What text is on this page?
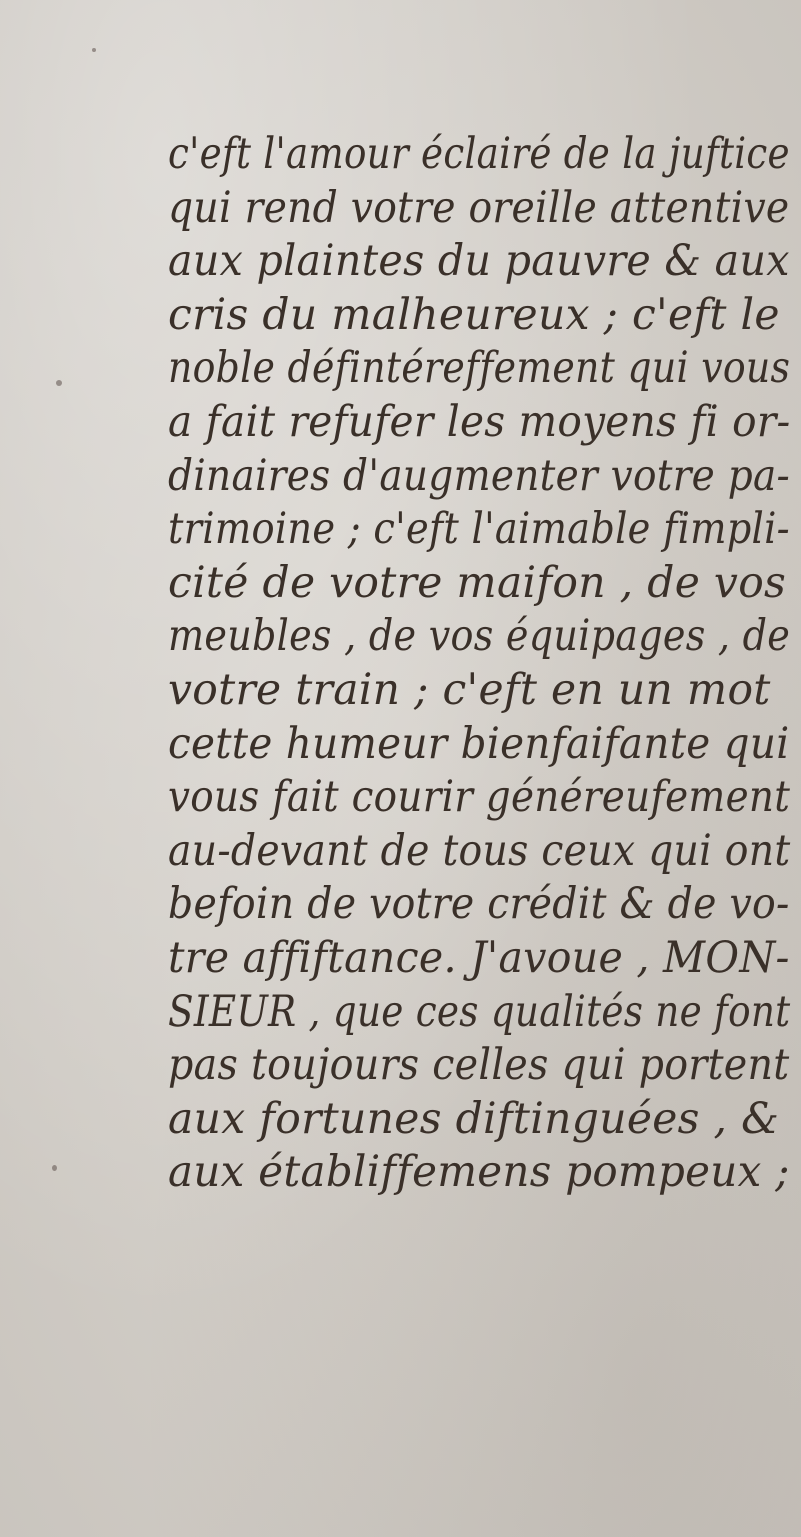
c'eft l'amour éclairé de la juftice
qui rend votre oreille attentive
aux plaintes du pauvre & aux
cris du malheureux ; c'eft le
noble défintéreffement qui vous
a fait refufer les moyens fi or-
dinaires d'augmenter votre pa-
trimoine ; c'eft l'aimable fimpli-
cité de votre maifon , de vos
meubles , de vos équipages , de
votre train ; c'eft en un mot
cette humeur bienfaifante qui
vous fait courir généreufement
au-devant de tous ceux qui ont
befoin de votre crédit & de vo-
tre affiftance. J'avoue , MON-
SIEUR , que ces qualités ne font
pas toujours celles qui portent
aux fortunes diftinguées , &
aux établiffemens pompeux ;
